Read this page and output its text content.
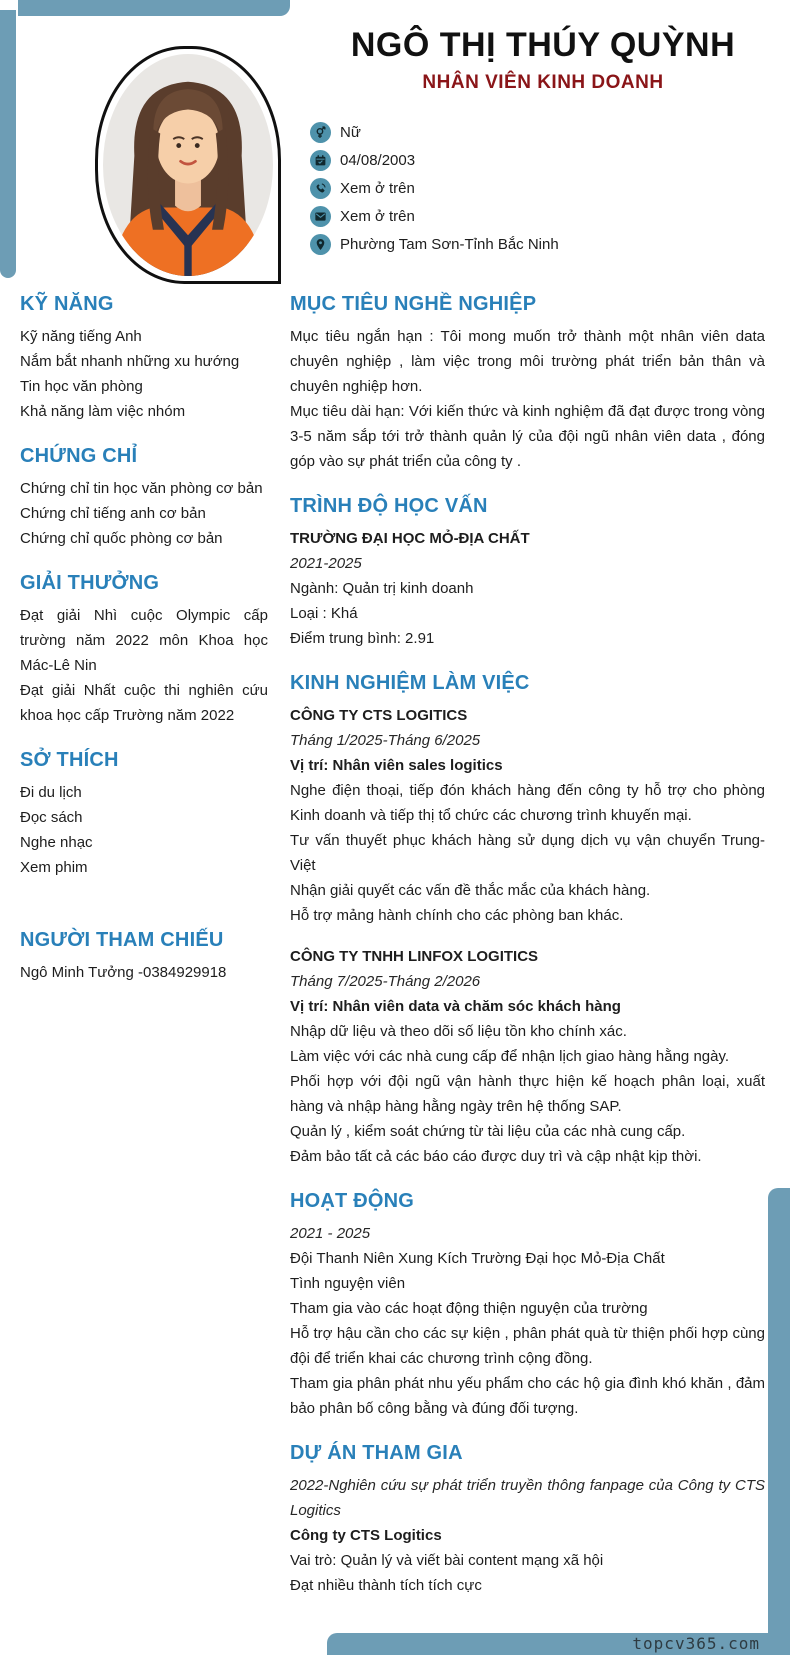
NGÔ THỊ THÚY QUỲNH
NHÂN VIÊN KINH DOANH
Nữ
04/08/2003
Xem ở trên
Xem ở trên
Phường Tam Sơn-Tỉnh Bắc Ninh
KỸ NĂNG

Kỹ năng tiếng Anh

Nắm bắt nhanh những xu hướng

Tin học văn phòng

Khả năng làm việc nhóm

CHỨNG CHỈ

Chứng chỉ tin học văn phòng cơ bản

Chứng chỉ tiếng anh cơ bản

Chứng chỉ quốc phòng cơ bản

GIẢI THƯỞNG

Đạt giải Nhì cuộc Olympic cấp trường năm 2022 môn Khoa học Mác-Lê Nin

Đạt giải Nhất cuộc thi nghiên cứu khoa học cấp Trường năm 2022

SỞ THÍCH

Đi du lịch

Đọc sách

Nghe nhạc

Xem phim

NGƯỜI THAM CHIẾU

Ngô Minh Tưởng -0384929918

MỤC TIÊU NGHỀ NGHIỆP

Mục tiêu ngắn hạn : Tôi mong muốn trở thành một nhân viên data chuyên nghiệp , làm việc trong môi trường phát triển bản thân và chuyên nghiệp hơn.

Mục tiêu dài hạn: Với kiến thức và kinh nghiệm đã đạt được trong vòng 3-5 năm sắp tới trở thành quản lý của đội ngũ nhân viên data , đóng góp vào sự phát triển của công ty .

TRÌNH ĐỘ HỌC VẤN

TRƯỜNG ĐẠI HỌC MỎ-ĐỊA CHẤT

2021-2025

Ngành: Quản trị kinh doanh

Loại : Khá

Điểm trung bình: 2.91

KINH NGHIỆM LÀM VIỆC

CÔNG TY CTS LOGITICS

Tháng 1/2025-Tháng 6/2025

Vị trí: Nhân viên sales logitics

Nghe điện thoại, tiếp đón khách hàng đến công ty hỗ trợ cho phòng Kinh doanh và tiếp thị tổ chức các chương trình khuyến mại.

Tư vấn thuyết phục khách hàng sử dụng dịch vụ vận chuyển Trung-Việt

Nhận giải quyết các vấn đề thắc mắc của khách hàng.

Hỗ trợ mảng hành chính cho các phòng ban khác.

CÔNG TY TNHH LINFOX LOGITICS

Tháng 7/2025-Tháng 2/2026

Vị trí: Nhân viên data và chăm sóc khách hàng

Nhập dữ liệu và theo dõi số liệu tồn kho chính xác.

Làm việc với các nhà cung cấp để nhận lịch giao hàng hằng ngày.

Phối hợp với đội ngũ vận hành thực hiện kế hoạch phân loại, xuất hàng và nhập hàng hằng ngày trên hệ thống SAP.

Quản lý , kiểm soát chứng từ tài liệu của các nhà cung cấp.

Đảm bảo tất cả các báo cáo được duy trì và cập nhật kịp thời.

HOẠT ĐỘNG

2021 - 2025

Đội Thanh Niên Xung Kích Trường Đại học Mỏ-Địa Chất

Tình nguyện viên

Tham gia vào các hoạt động thiện nguyện của trường

Hỗ trợ hậu cần cho các sự kiện , phân phát quà từ thiện phối hợp cùng đội để triển khai các chương trình cộng đồng.

Tham gia phân phát nhu yếu phẩm cho các hộ gia đình khó khăn , đảm bảo phân bố công bằng và đúng đối tượng.

DỰ ÁN THAM GIA

2022-Nghiên cứu sự phát triển truyền thông fanpage của Công ty CTS Logitics

Công ty CTS Logitics

Vai trò: Quản lý và viết bài content mạng xã hội

Đạt nhiều thành tích tích cực

topcv365.com
